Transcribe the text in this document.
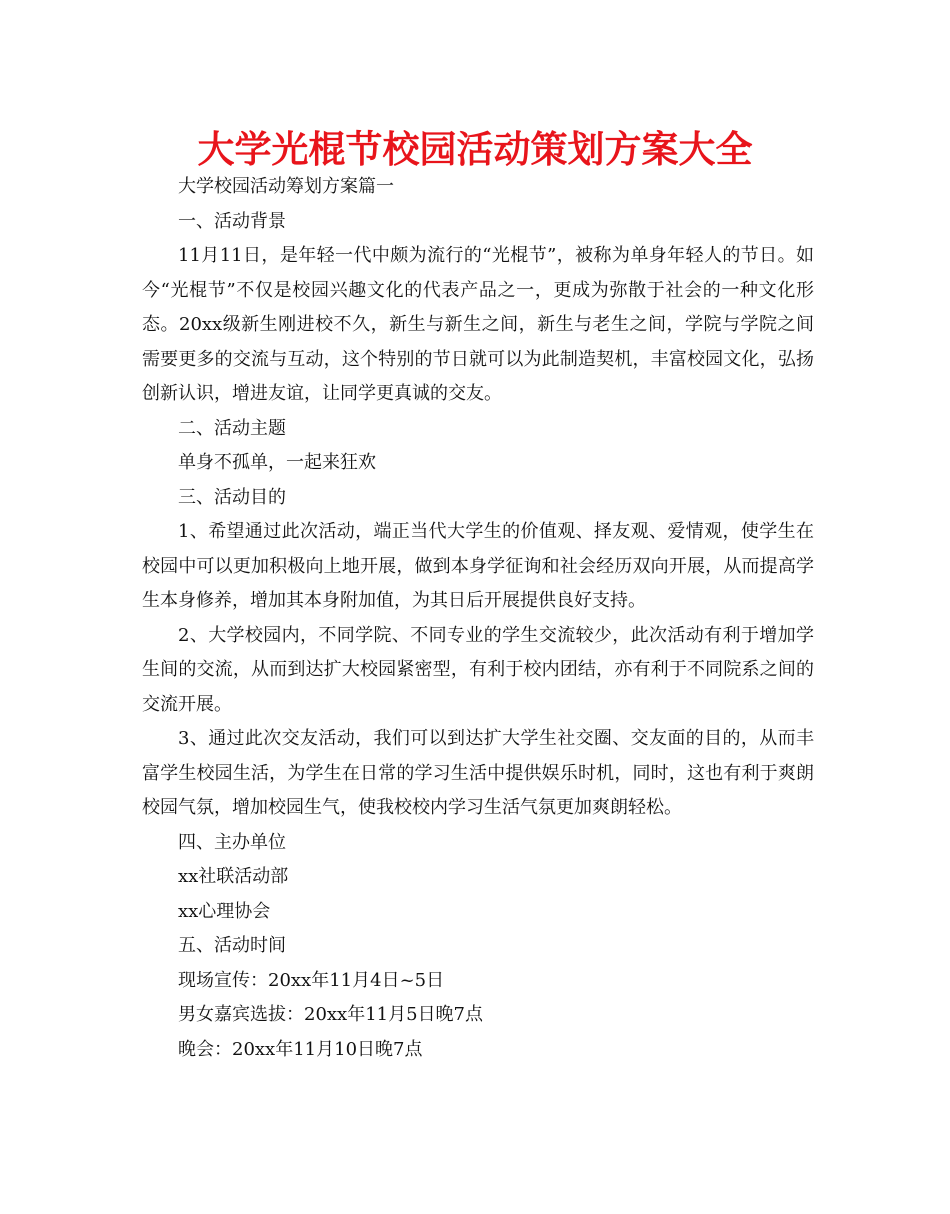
大学光棍节校园活动策划方案大全

大学校园活动筹划方案篇一

一、活动背景

11月11日，是年轻一代中颇为流行的“光棍节”，被称为单身年轻人的节日。如今“光棍节”不仅是校园兴趣文化的代表产品之一，更成为弥散于社会的一种文化形态。20xx级新生刚进校不久，新生与新生之间，新生与老生之间，学院与学院之间需要更多的交流与互动，这个特别的节日就可以为此制造契机，丰富校园文化，弘扬创新认识，增进友谊，让同学更真诚的交友。

二、活动主题

单身不孤单，一起来狂欢

三、活动目的

1、希望通过此次活动，端正当代大学生的价值观、择友观、爱情观，使学生在校园中可以更加积极向上地开展，做到本身学征询和社会经历双向开展，从而提高学生本身修养，增加其本身附加值，为其日后开展提供良好支持。

2、大学校园内，不同学院、不同专业的学生交流较少，此次活动有利于增加学生间的交流，从而到达扩大校园紧密型，有利于校内团结，亦有利于不同院系之间的交流开展。

3、通过此次交友活动，我们可以到达扩大学生社交圈、交友面的目的，从而丰富学生校园生活，为学生在日常的学习生活中提供娱乐时机，同时，这也有利于爽朗校园气氛，增加校园生气，使我校校内学习生活气氛更加爽朗轻松。

四、主办单位

xx社联活动部

xx心理协会

五、活动时间

现场宣传：20xx年11月4日~5日

男女嘉宾选拔：20xx年11月5日晚7点

晚会：20xx年11月10日晚7点
